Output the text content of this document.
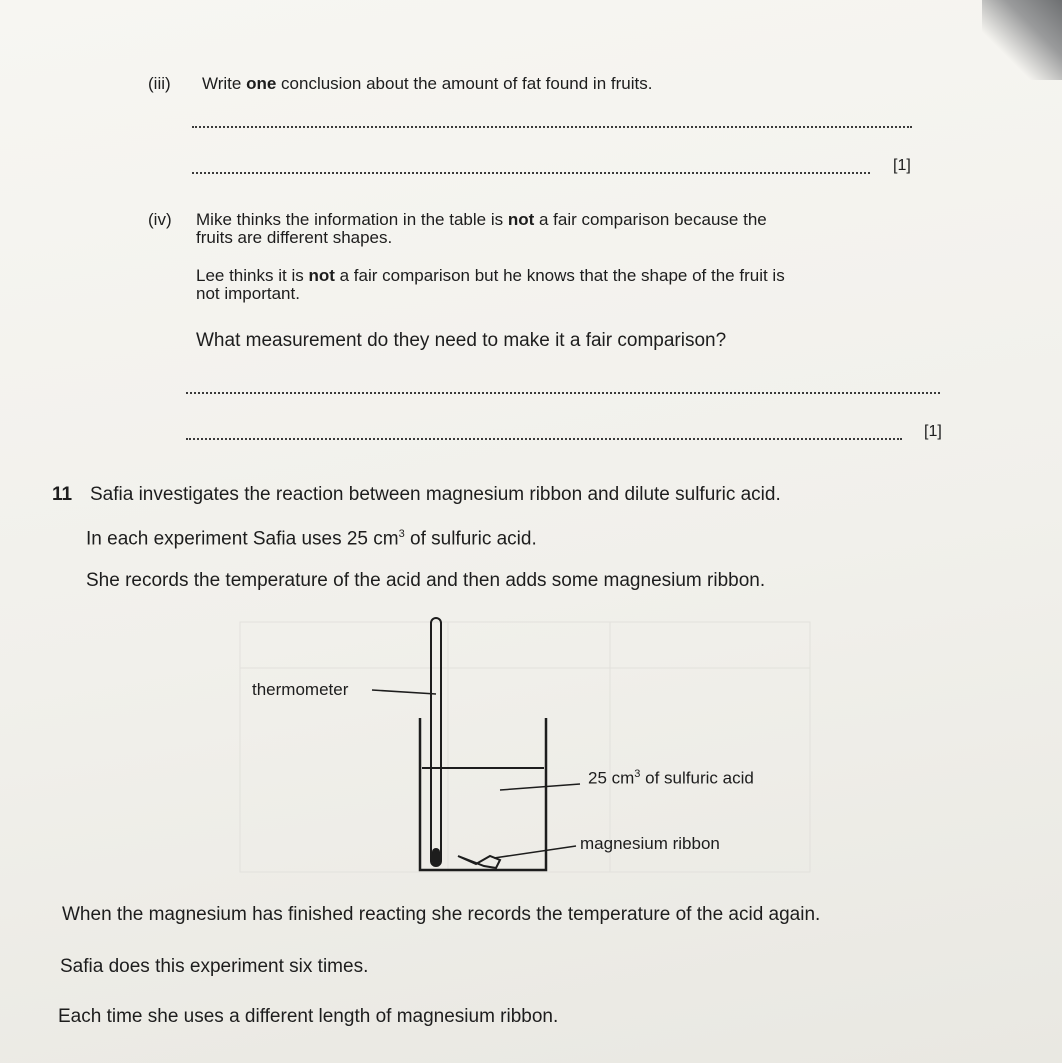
(iii) Write one conclusion about the amount of fat found in fruits.

[1]

(iv) Mike thinks the information in the table is not a fair comparison because the

fruits are different shapes.

Lee thinks it is not a fair comparison but he knows that the shape of the fruit is

not important.

What measurement do they need to make it a fair comparison?

[1]

11 Safia investigates the reaction between magnesium ribbon and dilute sulfuric acid.

In each experiment Safia uses 25 $cm^3$ of sulfuric acid.

She records the temperature of the acid and then adds some magnesium ribbon.

thermometer

25 $cm^3$ of sulfuric acid

magnesium ribbon

When the magnesium has finished reacting she records the temperature of the acid again.

Safia does this experiment six times.

Each time she uses a different length of magnesium ribbon.
